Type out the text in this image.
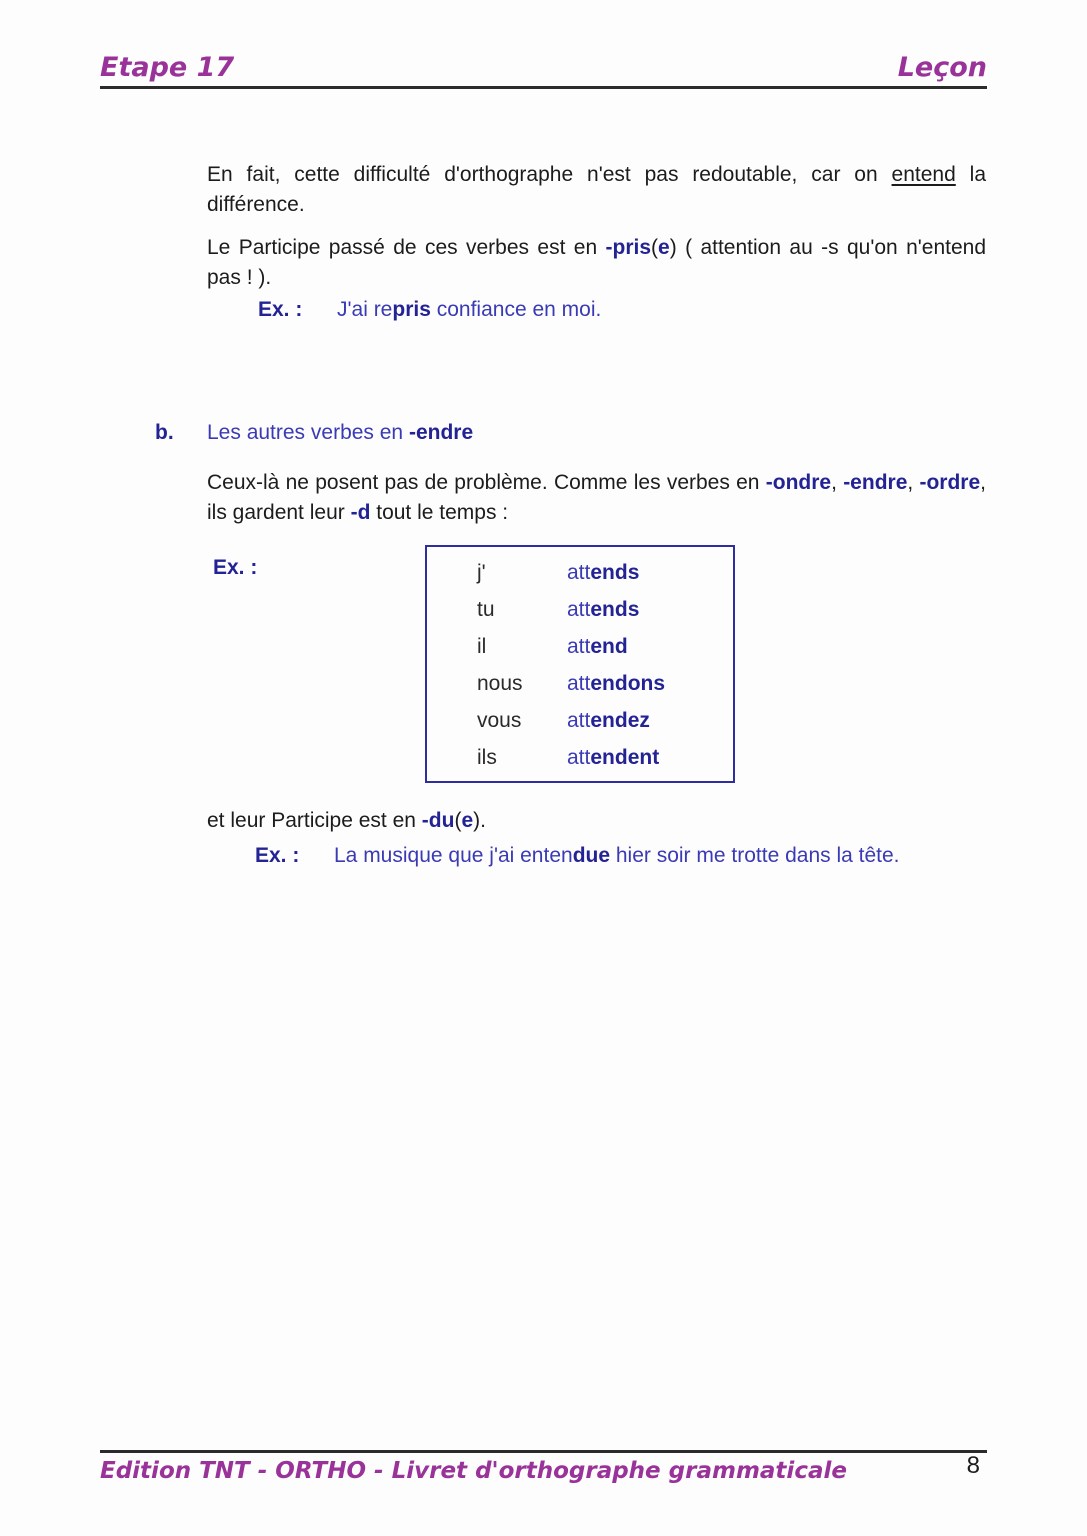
Etape 17	Leçon
En fait, cette difficulté d'orthographe n'est pas redoutable, car on entend la différence.
Le Participe passé de ces verbes est en -pris(e) ( attention au -s qu'on n'entend pas ! ).
Ex. : J'ai repris confiance en moi.
b. Les autres verbes en -endre
Ceux-là ne posent pas de problème. Comme les verbes en -ondre, -endre, -ordre, ils gardent leur -d tout le temps :
Ex. :	j'	attends
tu	attends
il	attend
nous	attendons
vous	attendez
ils	attendent
et leur Participe est en -du(e).
Ex. : La musique que j'ai entendue hier soir me trotte dans la tête.
Edition TNT - ORTHO - Livret d'orthographe grammaticale	8
